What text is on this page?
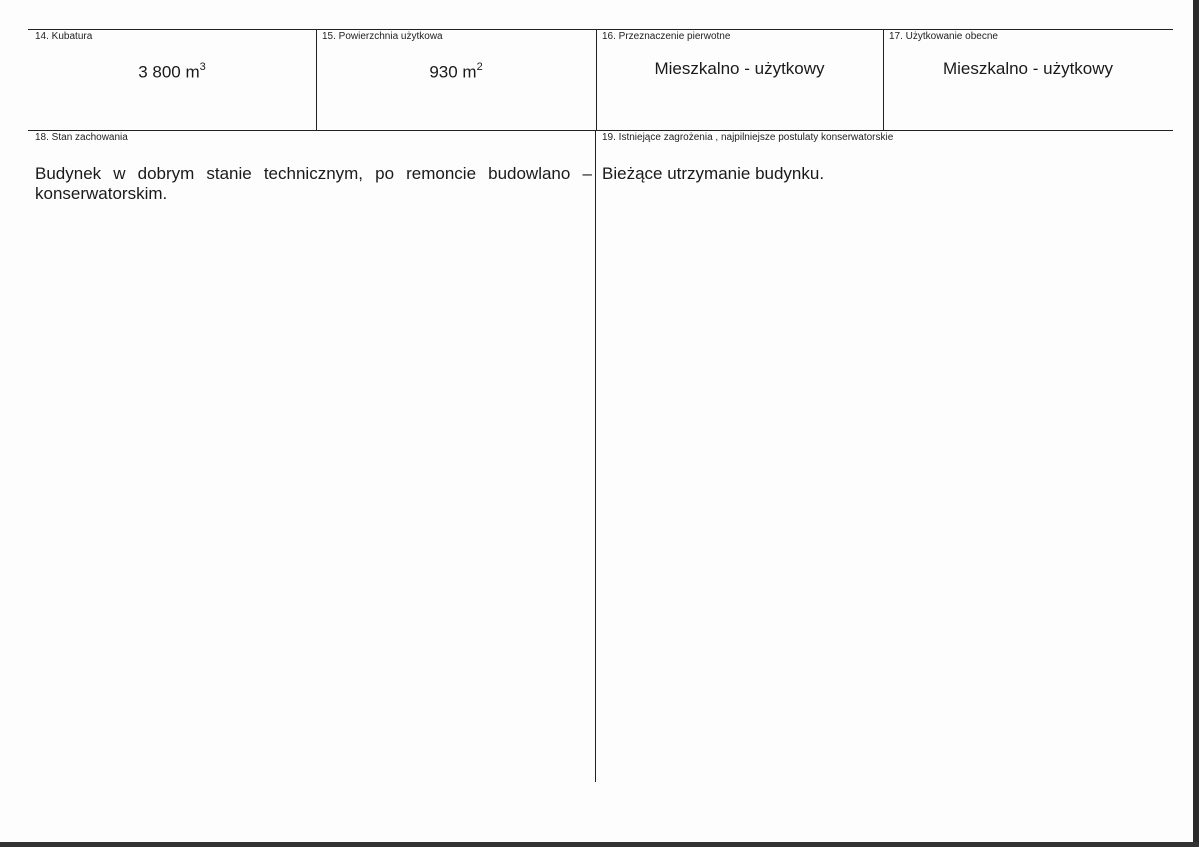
14. Kubatura
3 800 $m^3$
15. Powierzchnia użytkowa
930 $m^2$
16. Przeznaczenie pierwotne
Mieszkalno - użytkowy
17. Użytkowanie obecne
Mieszkalno - użytkowy
18. Stan zachowania
Budynek w dobrym stanie technicznym, po remoncie budowlano –
konserwatorskim.
19. Istniejące zagrożenia , najpilniejsze postulaty konserwatorskie
Bieżące utrzymanie budynku.
